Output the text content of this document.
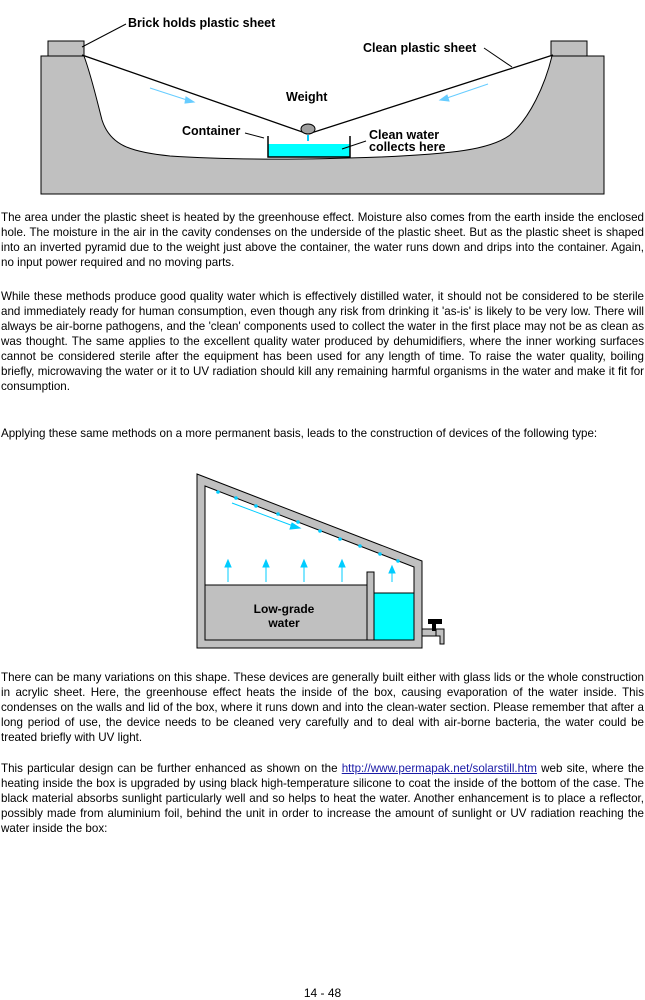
Brick holds plastic sheet
Clean plastic sheet
Weight
Container	Clean water
collects here

The area under the plastic sheet is heated by the greenhouse effect. Moisture also comes from the earth inside the enclosed hole. The moisture in the air in the cavity condenses on the underside of the plastic sheet. But as the plastic sheet is shaped into an inverted pyramid due to the weight just above the container, the water runs down and drips into the container. Again, no input power required and no moving parts.

While these methods produce good quality water which is effectively distilled water, it should not be considered to be sterile and immediately ready for human consumption, even though any risk from drinking it 'as-is' is likely to be very low. There will always be air-borne pathogens, and the 'clean' components used to collect the water in the first place may not be as clean as was thought. The same applies to the excellent quality water produced by dehumidifiers, where the inner working surfaces cannot be considered sterile after the equipment has been used for any length of time. To raise the water quality, boiling briefly, microwaving the water or it to UV radiation should kill any remaining harmful organisms in the water and make it fit for consumption.

Applying these same methods on a more permanent basis, leads to the construction of devices of the following type:

Low-grade
water

There can be many variations on this shape. These devices are generally built either with glass lids or the whole construction in acrylic sheet. Here, the greenhouse effect heats the inside of the box, causing evaporation of the water inside. This condenses on the walls and lid of the box, where it runs down and into the clean-water section. Please remember that after a long period of use, the device needs to be cleaned very carefully and to deal with air-borne bacteria, the water could be treated briefly with UV light.

This particular design can be further enhanced as shown on the http://www.permapak.net/solarstill.htm web site, where the heating inside the box is upgraded by using black high-temperature silicone to coat the inside of the bottom of the case. The black material absorbs sunlight particularly well and so helps to heat the water. Another enhancement is to place a reflector, possibly made from aluminium foil, behind the unit in order to increase the amount of sunlight or UV radiation reaching the water inside the box:

14 - 48
